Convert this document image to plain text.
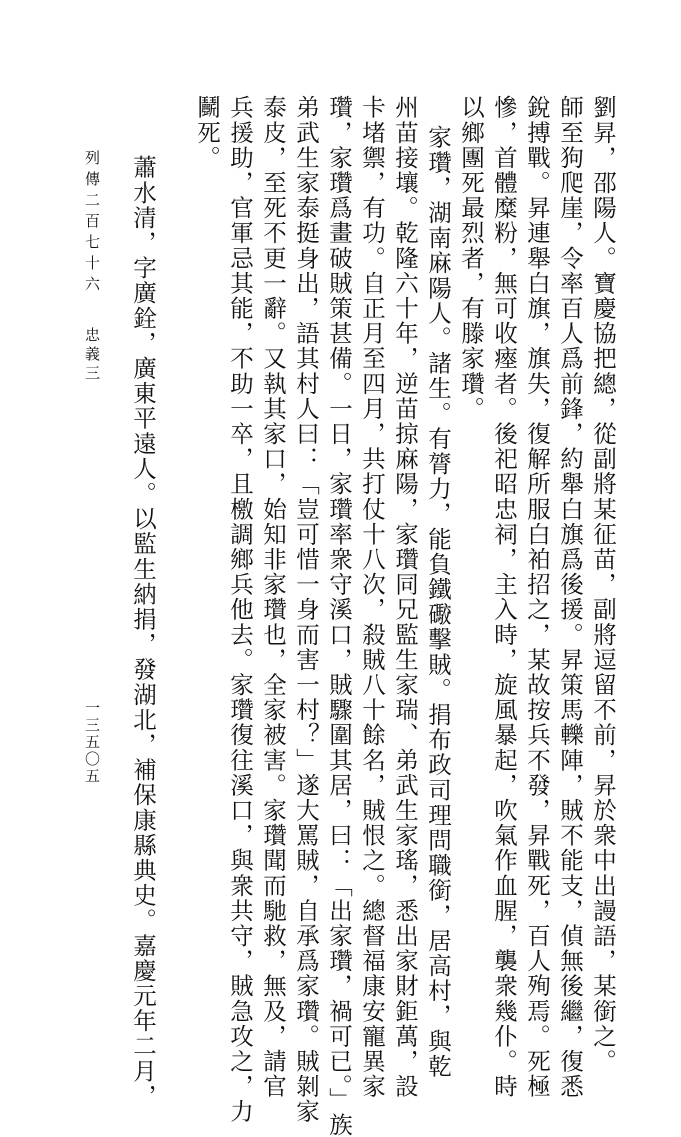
劉昇，邵陽人。寶慶協把總，從副將某征苗，副將逗留不前，昇於衆中出謾語，某銜之。
師至狗爬崖，令率百人爲前鋒，約舉白旗爲後援。昇策馬轢陣，賊不能支，偵無後繼，復悉
銳搏戰。昇連舉白旗，旗失，復解所服白袙招之，某故按兵不發，昇戰死，百人殉焉。死極
慘，首體糜粉，無可收瘞者。後祀昭忠祠，主入時，旋風暴起，吹氣作血腥，襲衆幾仆。時
以鄉團死最烈者，有滕家瓚。
家瓚，湖南麻陽人。諸生。有膂力，能負鐵礮擊賊。捐布政司理問職銜，居高村，與乾
州苗接壤。乾隆六十年，逆苗掠麻陽，家瓚同兄監生家瑞、弟武生家瑤，悉出家財鉅萬，設
卡堵禦，有功。自正月至四月，共打仗十八次，殺賊八十餘名，賊恨之。總督福康安寵異家
瓚，家瓚爲畫破賊策甚備。一日，家瓚率衆守溪口，賊驟圍其居，曰：「出家瓚，禍可已。」族
弟武生家泰挺身出，語其村人曰：「豈可惜一身而害一村？」遂大罵賊，自承爲家瓚。賊剝家
泰皮，至死不更一辭。又執其家口，始知非家瓚也，全家被害。家瓚聞而馳救，無及，請官
兵援助，官軍忌其能，不助一卒，且檄調鄉兵他去。家瓚復往溪口，與衆共守，賊急攻之，力
鬭死。
蕭水清，字廣銓，廣東平遠人。以監生納捐，發湖北，補保康縣典史。嘉慶元年二月，
列傳二百七十六
忠義三
一三五〇五
